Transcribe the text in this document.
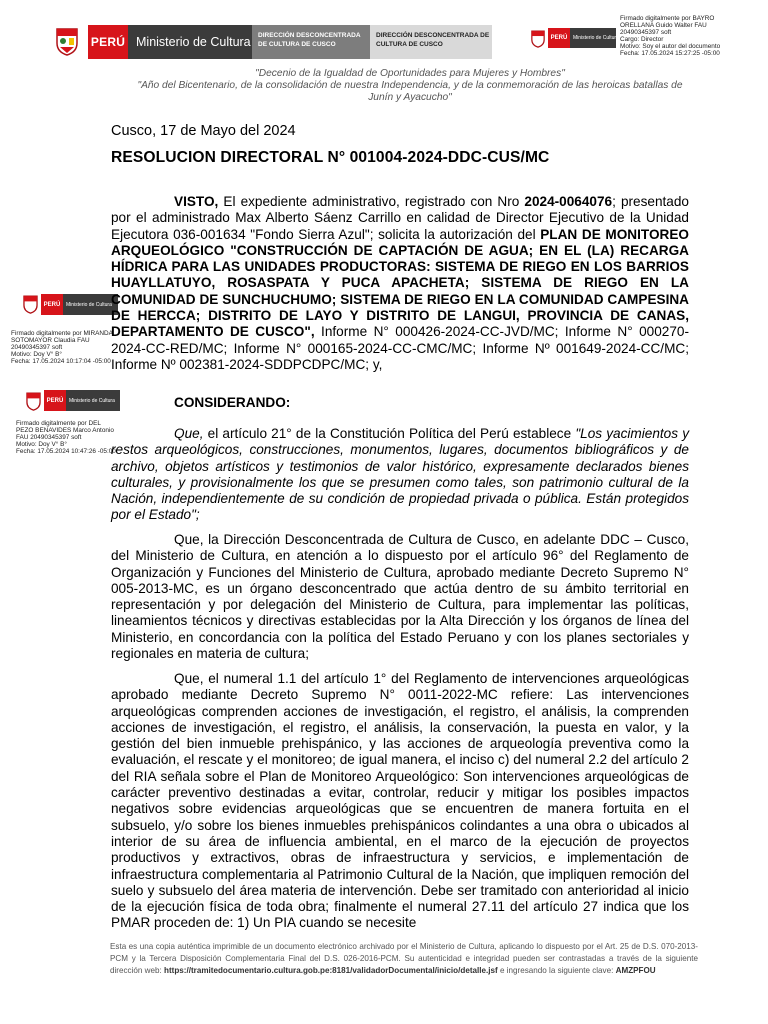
PERÚ Ministerio de Cultura	DIRECCIÓN DESCONCENTRADA DE CULTURA DE CUSCO
DIRECCIÓN DESCONCENTRADA DE CULTURA DE CUSCO
PERÚ	Ministerio de Cultura
Firmado digitalmente por BAYRO
ORELLANA Guido Walter FAU
20490345397 soft
Cargo: Director
Motivo: Soy el autor del documento
Fecha: 17.05.2024 15:27:25 -05:00
PERÚ	Ministerio de Cultura
Firmado digitalmente por MIRANDA
SOTOMAYOR Claudia FAU
20490345397 soft
Motivo: Doy V° B°
Fecha: 17.05.2024 10:17:04 -05:00
PERÚ	Ministerio de Cultura
Firmado digitalmente por DEL
PEZO BENAVIDES Marco Antonio
FAU 20490345397 soft
Motivo: Doy V° B°
Fecha: 17.05.2024 10:47:26 -05:00
"Decenio de la Igualdad de Oportunidades para Mujeres y Hombres"
"Año del Bicentenario, de la consolidación de nuestra Independencia, y de la conmemoración de las heroicas batallas de
Junín y Ayacucho"
Cusco, 17 de Mayo del 2024
RESOLUCION DIRECTORAL N° 001004-2024-DDC-CUS/MC
VISTO, El expediente administrativo, registrado con Nro 2024-0064076; presentado por el administrado Max Alberto Sáenz Carrillo en calidad de Director Ejecutivo de la Unidad Ejecutora 036-001634 "Fondo Sierra Azul"; solicita la autorización del PLAN DE MONITOREO ARQUEOLÓGICO "CONSTRUCCIÓN DE CAPTACIÓN DE AGUA; EN EL (LA) RECARGA HÍDRICA PARA LAS UNIDADES PRODUCTORAS: SISTEMA DE RIEGO EN LOS BARRIOS HUAYLLATUYO, ROSASPATA Y PUCA APACHETA; SISTEMA DE RIEGO EN LA COMUNIDAD DE SUNCHUCHUMO; SISTEMA DE RIEGO EN LA COMUNIDAD CAMPESINA DE HERCCA; DISTRITO DE LAYO Y DISTRITO DE LANGUI, PROVINCIA DE CANAS, DEPARTAMENTO DE CUSCO", Informe N° 000426-2024-CC-JVD/MC; Informe N° 000270-2024-CC-RED/MC; Informe N° 000165-2024-CC-CMC/MC; Informe Nº 001649-2024-CC/MC; Informe Nº 002381-2024-SDDPCDPC/MC; y,
CONSIDERANDO:
Que, el artículo 21° de la Constitución Política del Perú establece "Los yacimientos y restos arqueológicos, construcciones, monumentos, lugares, documentos bibliográficos y de archivo, objetos artísticos y testimonios de valor histórico, expresamente declarados bienes culturales, y provisionalmente los que se presumen como tales, son patrimonio cultural de la Nación, independientemente de su condición de propiedad privada o pública. Están protegidos por el Estado";
Que, la Dirección Desconcentrada de Cultura de Cusco, en adelante DDC – Cusco, del Ministerio de Cultura, en atención a lo dispuesto por el artículo 96° del Reglamento de Organización y Funciones del Ministerio de Cultura, aprobado mediante Decreto Supremo N° 005-2013-MC, es un órgano desconcentrado que actúa dentro de su ámbito territorial en representación y por delegación del Ministerio de Cultura, para implementar las políticas, lineamientos técnicos y directivas establecidas por la Alta Dirección y los órganos de línea del Ministerio, en concordancia con la política del Estado Peruano y con los planes sectoriales y regionales en materia de cultura;
Que, el numeral 1.1 del artículo 1° del Reglamento de intervenciones arqueológicas aprobado mediante Decreto Supremo N° 0011-2022-MC refiere: Las intervenciones arqueológicas comprenden acciones de investigación, el registro, el análisis, la comprenden acciones de investigación, el registro, el análisis, la conservación, la puesta en valor, y la gestión del bien inmueble prehispánico, y las acciones de arqueología preventiva como la evaluación, el rescate y el monitoreo; de igual manera, el inciso c) del numeral 2.2 del artículo 2 del RIA señala sobre el Plan de Monitoreo Arqueológico: Son intervenciones arqueológicas de carácter preventivo destinadas a evitar, controlar, reducir y mitigar los posibles impactos negativos sobre evidencias arqueológicas que se encuentren de manera fortuita en el subsuelo, y/o sobre los bienes inmuebles prehispánicos colindantes a una obra o ubicados al interior de su área de influencia ambiental, en el marco de la ejecución de proyectos productivos y extractivos, obras de infraestructura y servicios, e implementación de infraestructura complementaria al Patrimonio Cultural de la Nación, que impliquen remoción del suelo y subsuelo del área materia de intervención. Debe ser tramitado con anterioridad al inicio de la ejecución física de toda obra; finalmente el numeral 27.11 del artículo 27 indica que los PMAR proceden de: 1) Un PIA cuando se necesite
Esta es una copia auténtica imprimible de un documento electrónico archivado por el Ministerio de Cultura, aplicando lo dispuesto por el Art. 25 de D.S. 070-2013-PCM y la Tercera Disposición Complementaria Final del D.S. 026-2016-PCM. Su autenticidad e integridad pueden ser contrastadas a través de la siguiente dirección web: https://tramitedocumentario.cultura.gob.pe:8181/validadorDocumental/inicio/detalle.jsf e ingresando la siguiente clave: AMZPFOU
